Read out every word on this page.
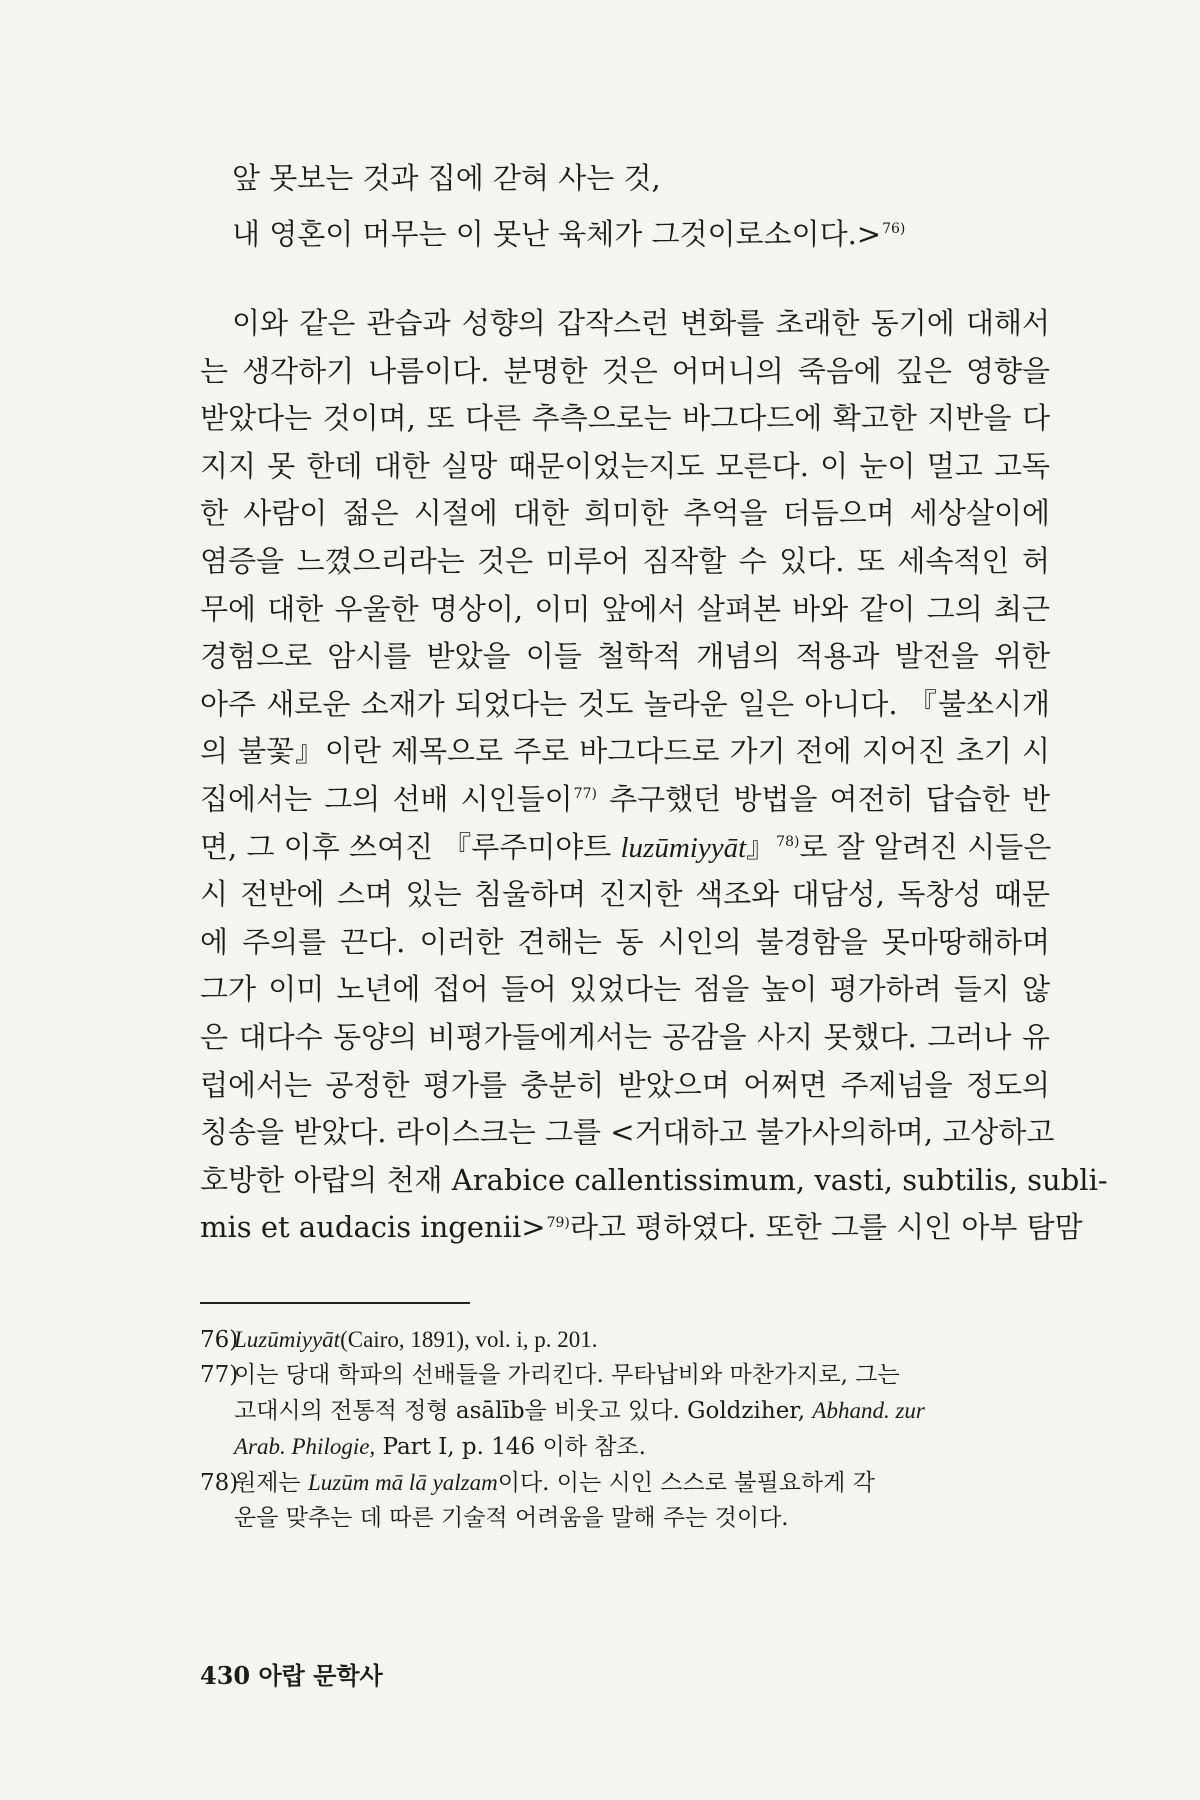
앞 못보는 것과 집에 갇혀 사는 것,
내 영혼이 머무는 이 못난 육체가 그것이로소이다.>$^{76)}$
이와 같은 관습과 성향의 갑작스런 변화를 초래한 동기에 대해서
는 생각하기 나름이다. 분명한 것은 어머니의 죽음에 깊은 영향을
받았다는 것이며, 또 다른 추측으로는 바그다드에 확고한 지반을 다
지지 못 한데 대한 실망 때문이었는지도 모른다. 이 눈이 멀고 고독
한 사람이 젊은 시절에 대한 희미한 추억을 더듬으며 세상살이에
염증을 느꼈으리라는 것은 미루어 짐작할 수 있다. 또 세속적인 허
무에 대한 우울한 명상이, 이미 앞에서 살펴본 바와 같이 그의 최근
경험으로 암시를 받았을 이들 철학적 개념의 적용과 발전을 위한
아주 새로운 소재가 되었다는 것도 놀라운 일은 아니다. 『불쏘시개
의 불꽃』이란 제목으로 주로 바그다드로 가기 전에 지어진 초기 시
집에서는 그의 선배 시인들이$^{77)}$ 추구했던 방법을 여전히 답습한 반
면, 그 이후 쓰여진 『루주미야트 luzūmiyyāt』$^{78)}$로 잘 알려진 시들은
시 전반에 스며 있는 침울하며 진지한 색조와 대담성, 독창성 때문
에 주의를 끈다. 이러한 견해는 동 시인의 불경함을 못마땅해하며
그가 이미 노년에 접어 들어 있었다는 점을 높이 평가하려 들지 않
은 대다수 동양의 비평가들에게서는 공감을 사지 못했다. 그러나 유
럽에서는 공정한 평가를 충분히 받았으며 어쩌면 주제넘을 정도의
칭송을 받았다. 라이스크는 그를 <거대하고 불가사의하며, 고상하고
호방한 아랍의 천재 Arabice callentissimum, vasti, subtilis, subli-
mis et audacis ingenii>$^{79)}$라고 평하였다. 또한 그를 시인 아부 탐맘
76)Luzūmiyyāt(Cairo, 1891), vol. i, p. 201.
77)이는 당대 학파의 선배들을 가리킨다. 무타납비와 마찬가지로, 그는
고대시의 전통적 정형 asālīb을 비웃고 있다. Goldziher, Abhand. zur
Arab. Philogie, Part I, p. 146 이하 참조.
78)원제는 Luzūm mā lā yalzam이다. 이는 시인 스스로 불필요하게 각
운을 맞추는 데 따른 기술적 어려움을 말해 주는 것이다.
430 아랍 문학사
